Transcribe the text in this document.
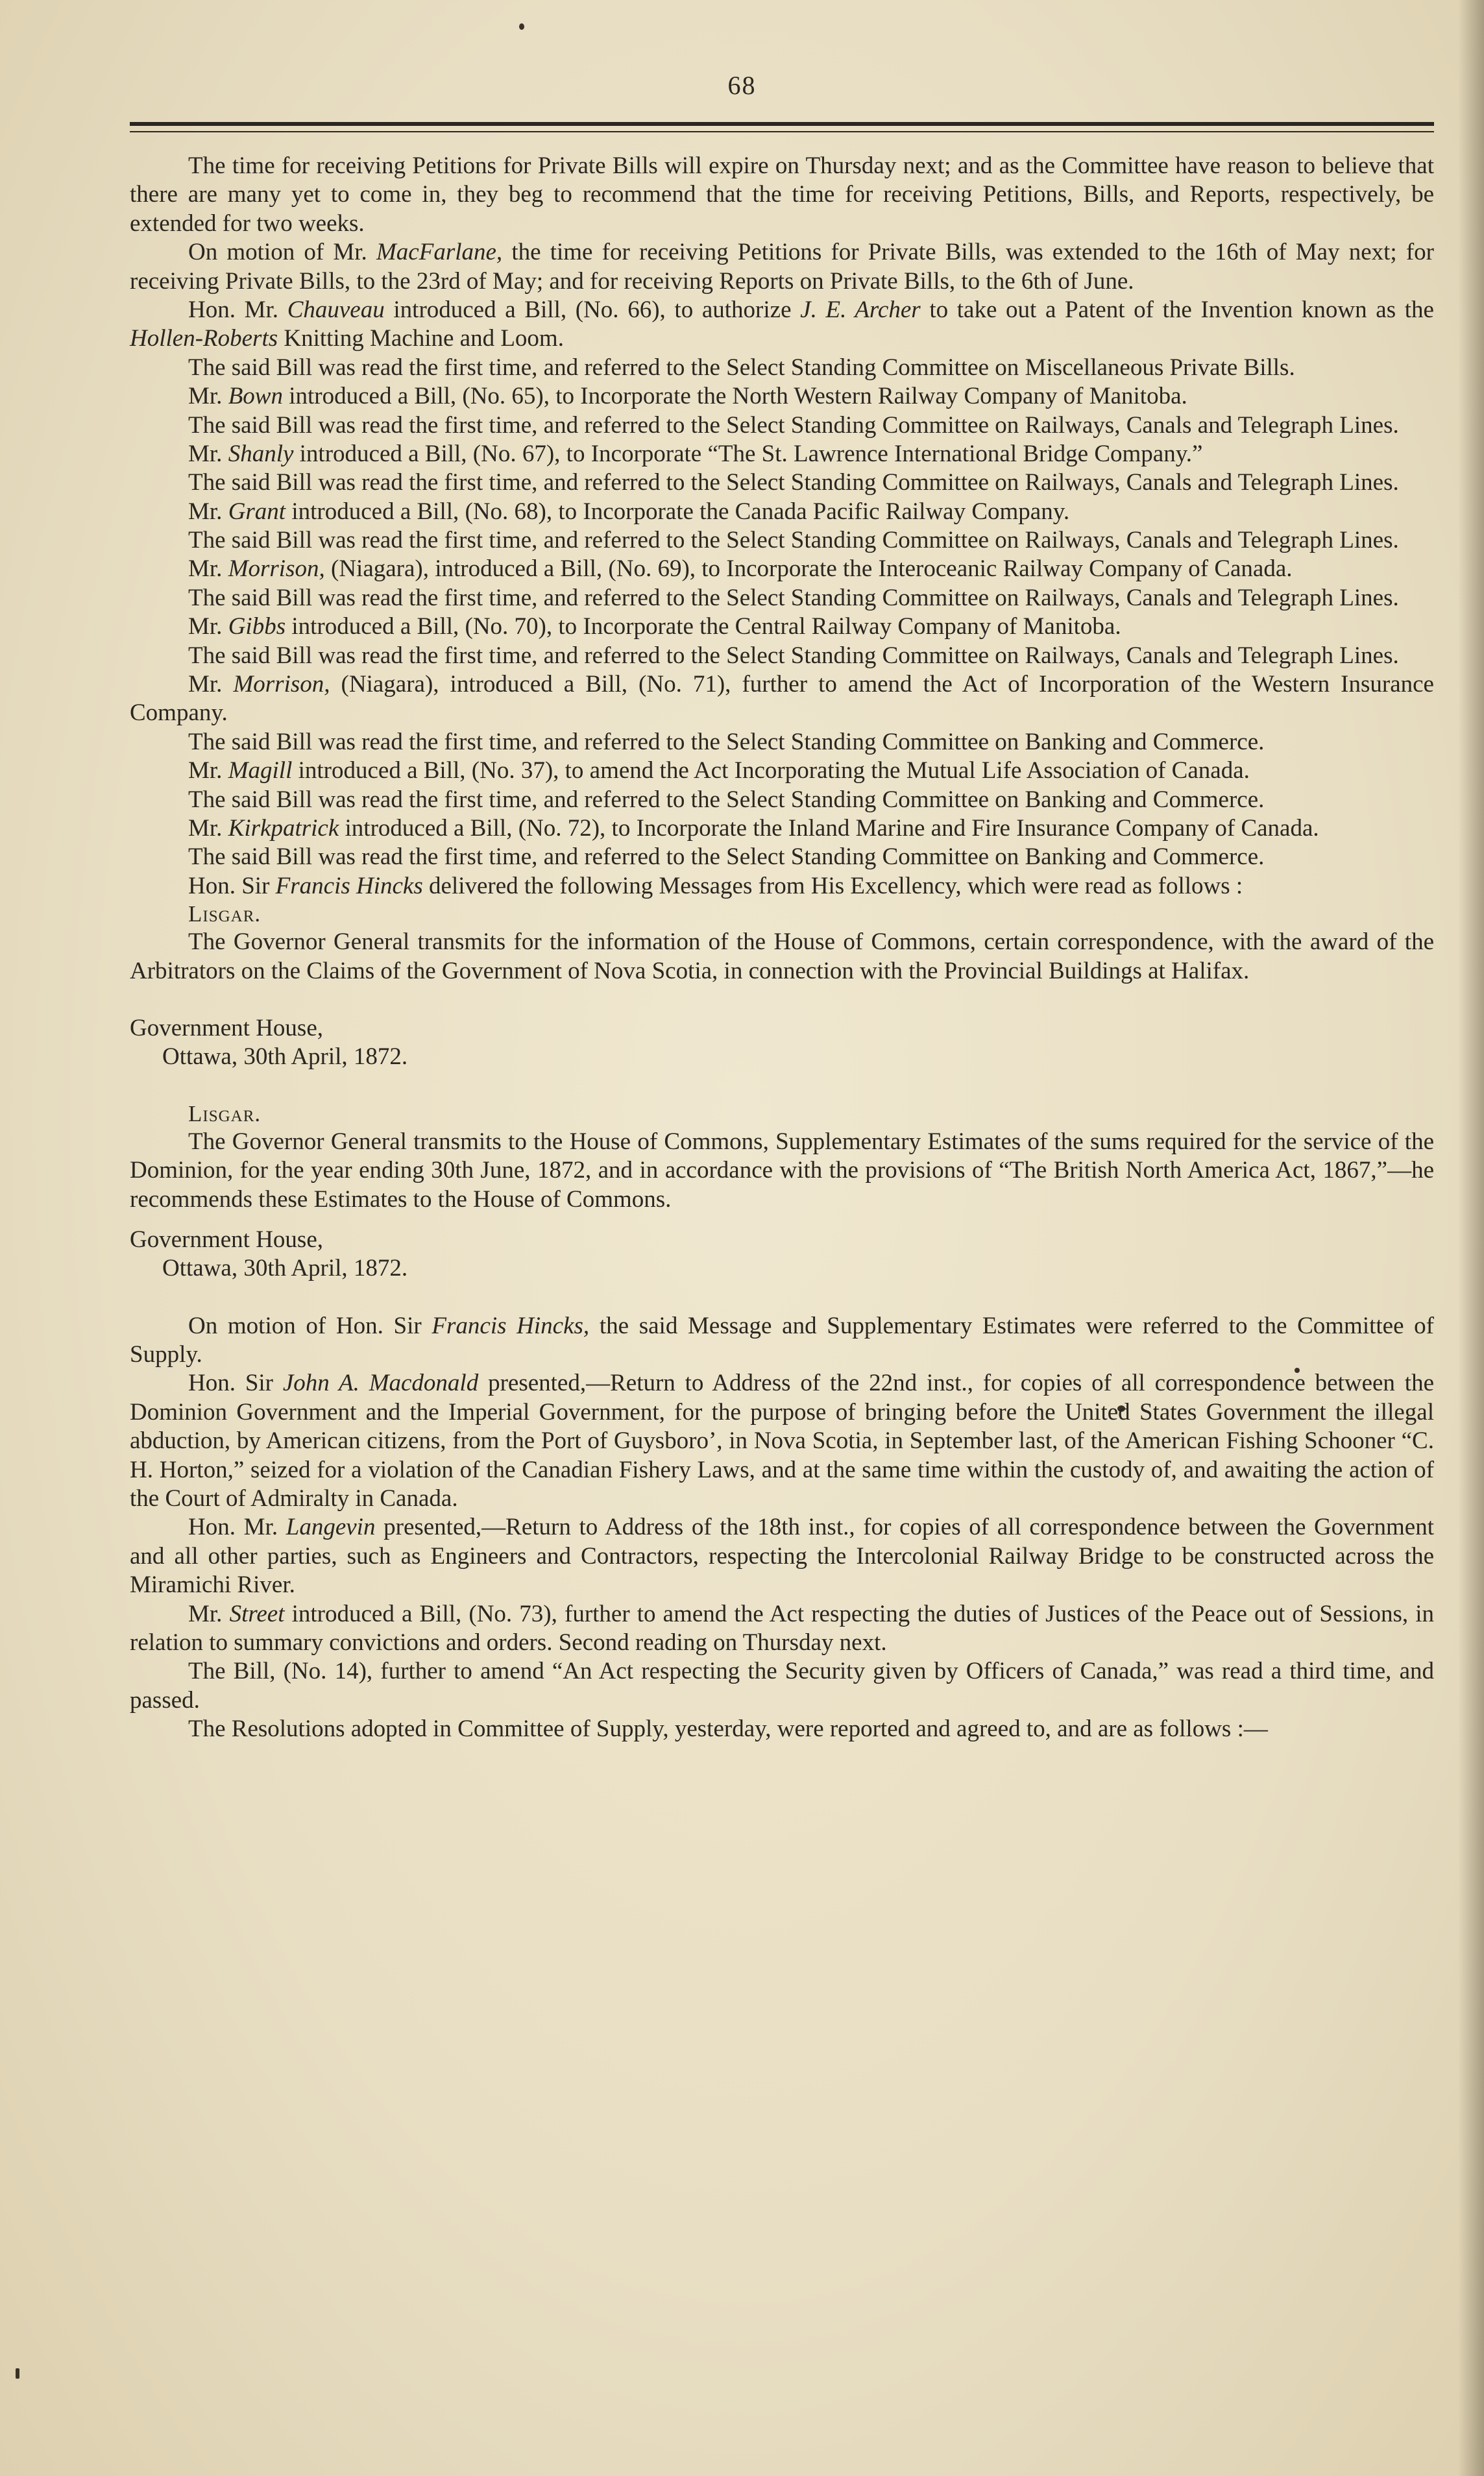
68

The time for receiving Petitions for Private Bills will expire on Thursday next; and as the Committee have reason to believe that there are many yet to come in, they beg to recommend that the time for receiving Petitions, Bills, and Reports, respectively, be extended for two weeks.

On motion of Mr. MacFarlane, the time for receiving Petitions for Private Bills, was extended to the 16th of May next; for receiving Private Bills, to the 23rd of May; and for receiving Reports on Private Bills, to the 6th of June.

Hon. Mr. Chauveau introduced a Bill, (No. 66), to authorize J. E. Archer to take out a Patent of the Invention known as the Hollen-Roberts Knitting Machine and Loom.

The said Bill was read the first time, and referred to the Select Standing Committee on Miscellaneous Private Bills.

Mr. Bown introduced a Bill, (No. 65), to Incorporate the North Western Railway Company of Manitoba.

The said Bill was read the first time, and referred to the Select Standing Committee on Railways, Canals and Telegraph Lines.

Mr. Shanly introduced a Bill, (No. 67), to Incorporate “The St. Lawrence International Bridge Company.”

The said Bill was read the first time, and referred to the Select Standing Committee on Railways, Canals and Telegraph Lines.

Mr. Grant introduced a Bill, (No. 68), to Incorporate the Canada Pacific Railway Company.

The said Bill was read the first time, and referred to the Select Standing Committee on Railways, Canals and Telegraph Lines.

Mr. Morrison, (Niagara), introduced a Bill, (No. 69), to Incorporate the Interoceanic Railway Company of Canada.

The said Bill was read the first time, and referred to the Select Standing Committee on Railways, Canals and Telegraph Lines.

Mr. Gibbs introduced a Bill, (No. 70), to Incorporate the Central Railway Company of Manitoba.

The said Bill was read the first time, and referred to the Select Standing Committee on Railways, Canals and Telegraph Lines.

Mr. Morrison, (Niagara), introduced a Bill, (No. 71), further to amend the Act of Incorporation of the Western Insurance Company.

The said Bill was read the first time, and referred to the Select Standing Committee on Banking and Commerce.

Mr. Magill introduced a Bill, (No. 37), to amend the Act Incorporating the Mutual Life Association of Canada.

The said Bill was read the first time, and referred to the Select Standing Committee on Banking and Commerce.

Mr. Kirkpatrick introduced a Bill, (No. 72), to Incorporate the Inland Marine and Fire Insurance Company of Canada.

The said Bill was read the first time, and referred to the Select Standing Committee on Banking and Commerce.

Hon. Sir Francis Hincks delivered the following Messages from His Excellency, which were read as follows :

Lisgar.

The Governor General transmits for the information of the House of Commons, certain correspondence, with the award of the Arbitrators on the Claims of the Government of Nova Scotia, in connection with the Provincial Buildings at Halifax.

Government House,

Ottawa, 30th April, 1872.

Lisgar.

The Governor General transmits to the House of Commons, Supplementary Estimates of the sums required for the service of the Dominion, for the year ending 30th June, 1872, and in accordance with the provisions of “The British North America Act, 1867,”—he recommends these Estimates to the House of Commons.

Government House,

Ottawa, 30th April, 1872.

On motion of Hon. Sir Francis Hincks, the said Message and Supplementary Estimates were referred to the Committee of Supply.

Hon. Sir John A. Macdonald presented,—Return to Address of the 22nd inst., for copies of all correspondence between the Dominion Government and the Imperial Government, for the purpose of bringing before the United States Government the illegal abduction, by American citizens, from the Port of Guysboro’, in Nova Scotia, in September last, of the American Fishing Schooner “C. H. Horton,” seized for a violation of the Canadian Fishery Laws, and at the same time within the custody of, and awaiting the action of the Court of Admiralty in Canada.

Hon. Mr. Langevin presented,—Return to Address of the 18th inst., for copies of all correspondence between the Government and all other parties, such as Engineers and Contractors, respecting the Intercolonial Railway Bridge to be constructed across the Miramichi River.

Mr. Street introduced a Bill, (No. 73), further to amend the Act respecting the duties of Justices of the Peace out of Sessions, in relation to summary convictions and orders. Second reading on Thursday next.

The Bill, (No. 14), further to amend “An Act respecting the Security given by Officers of Canada,” was read a third time, and passed.

The Resolutions adopted in Committee of Supply, yesterday, were reported and agreed to, and are as follows :—
